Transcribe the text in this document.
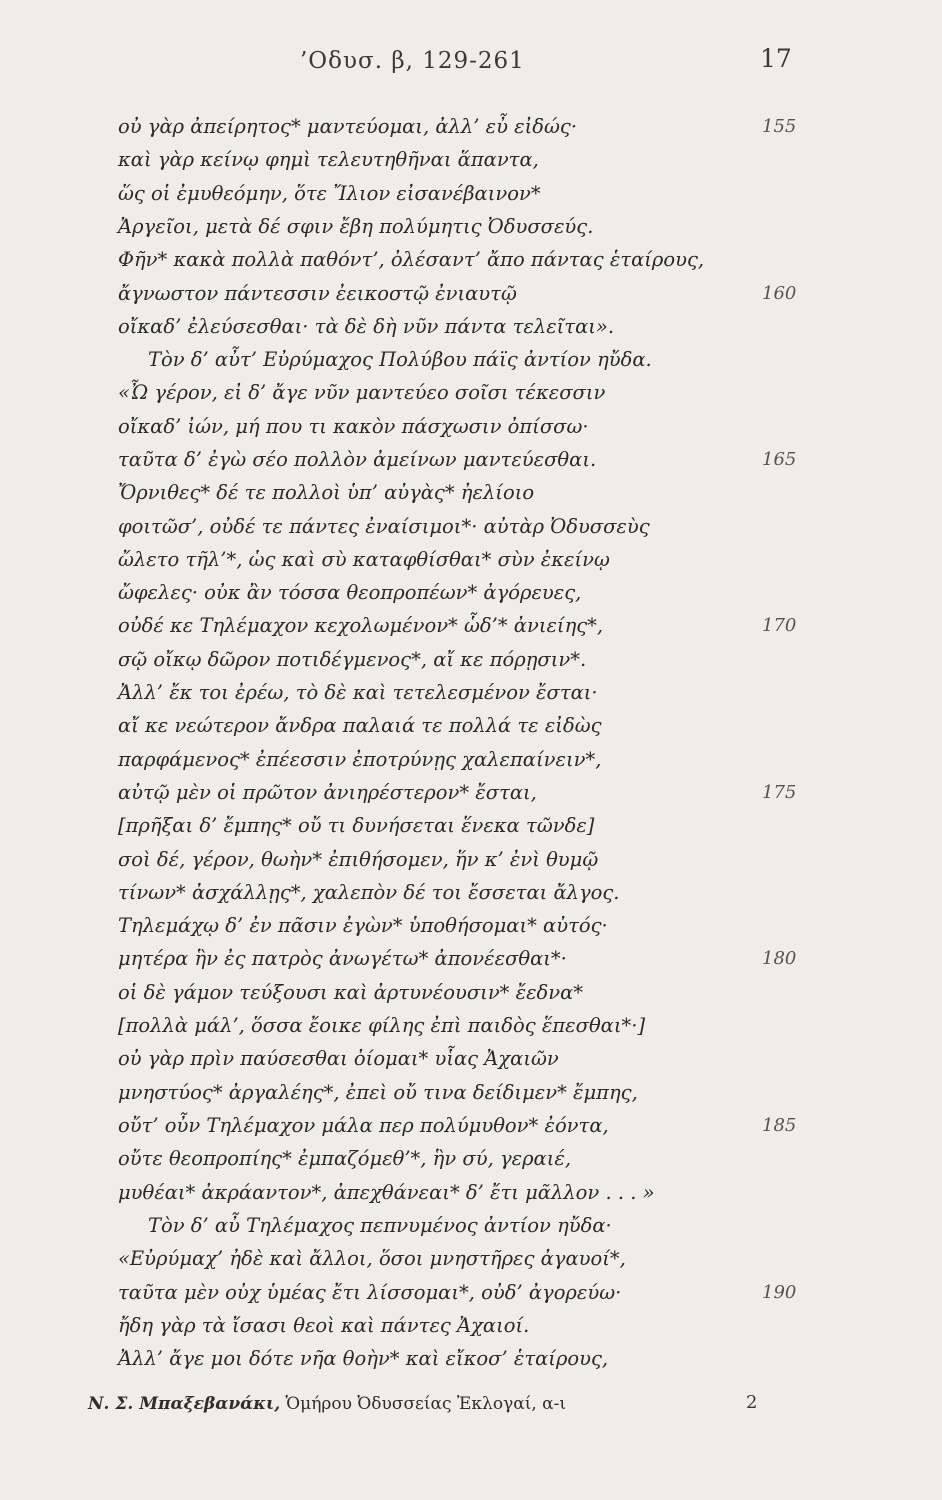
’Οδυσ. β, 129-261	17
οὐ γὰρ ἀπείρητος* μαντεύομαι, ἀλλ’ εὖ εἰδώς·	155
καὶ γὰρ κείνῳ φημὶ τελευτηθῆναι ἅπαντα,
ὥς οἱ ἐμυθεόμην, ὅτε Ἴλιον εἰσανέβαινον*
Ἀργεῖοι, μετὰ δέ σφιν ἔβη πολύμητις Ὀδυσσεύς.
Φῆν* κακὰ πολλὰ παθόντ’, ὀλέσαντ’ ἄπο πάντας ἑταίρους,
ἄγνωστον πάντεσσιν ἐεικοστῷ ἐνιαυτῷ	160
οἴκαδ’ ἐλεύσεσθαι· τὰ δὲ δὴ νῦν πάντα τελεῖται».
Τὸν δ’ αὖτ’ Εὐρύμαχος Πολύβου πάϊς ἀντίον ηὔδα.
«Ὦ γέρον, εἰ δ’ ἄγε νῦν μαντεύεο σοῖσι τέκεσσιν
οἴκαδ’ ἰών, μή που τι κακὸν πάσχωσιν ὀπίσσω·
ταῦτα δ’ ἐγὼ σέο πολλὸν ἀμείνων μαντεύεσθαι.	165
Ὄρνιθες* δέ τε πολλοὶ ὑπ’ αὐγὰς* ἠελίοιο
φοιτῶσ’, οὐδέ τε πάντες ἐναίσιμοι*· αὐτὰρ Ὀδυσσεὺς
ὤλετο τῆλ’*, ὡς καὶ σὺ καταφθίσθαι* σὺν ἐκείνῳ
ὤφελες· οὐκ ἂν τόσσα θεοπροπέων* ἀγόρευες,
οὐδέ κε Τηλέμαχον κεχολωμένον* ὧδ’* ἀνιείης*,	170
σῷ οἴκῳ δῶρον ποτιδέγμενος*, αἴ κε πόρῃσιν*.
Ἀλλ’ ἔκ τοι ἐρέω, τὸ δὲ καὶ τετελεσμένον ἔσται·
αἴ κε νεώτερον ἄνδρα παλαιά τε πολλά τε εἰδὼς
παρφάμενος* ἐπέεσσιν ἐποτρύνῃς χαλεπαίνειν*,
αὐτῷ μὲν οἱ πρῶτον ἀνιηρέστερον* ἔσται,	175
[πρῆξαι δ’ ἔμπης* οὔ τι δυνήσεται ἕνεκα τῶνδε]
σοὶ δέ, γέρον, θωὴν* ἐπιθήσομεν, ἥν κ’ ἐνὶ θυμῷ
τίνων* ἀσχάλλῃς*, χαλεπὸν δέ τοι ἔσσεται ἄλγος.
Τηλεμάχῳ δ’ ἐν πᾶσιν ἐγὼν* ὑποθήσομαι* αὐτός·
μητέρα ἣν ἐς πατρὸς ἀνωγέτω* ἀπονέεσθαι*·	180
οἱ δὲ γάμον τεύξουσι καὶ ἀρτυνέουσιν* ἔεδνα*
[πολλὰ μάλ’, ὅσσα ἔοικε φίλης ἐπὶ παιδὸς ἕπεσθαι*·]
οὐ γὰρ πρὶν παύσεσθαι ὀίομαι* υἷας Ἀχαιῶν
μνηστύος* ἀργαλέης*, ἐπεὶ οὔ τινα δείδιμεν* ἔμπης,
οὔτ’ οὖν Τηλέμαχον μάλα περ πολύμυθον* ἐόντα,	185
οὔτε θεοπροπίης* ἐμπαζόμεθ’*, ἣν σύ, γεραιέ,
μυθέαι* ἀκράαντον*, ἀπεχθάνεαι* δ’ ἔτι μᾶλλον . . . »
Τὸν δ’ αὖ Τηλέμαχος πεπνυμένος ἀντίον ηὔδα·
«Εὐρύμαχ’ ἠδὲ καὶ ἄλλοι, ὅσοι μνηστῆρες ἀγαυοί*,
ταῦτα μὲν οὐχ ὑμέας ἔτι λίσσομαι*, οὐδ’ ἀγορεύω·	190
ἤδη γὰρ τὰ ἴσασι θεοὶ καὶ πάντες Ἀχαιοί.
Ἀλλ’ ἄγε μοι δότε νῆα θοὴν* καὶ εἴκοσ’ ἑταίρους,
Ν. Σ. Μπαξεβανάκι, Ὁμήρου Ὀδυσσείας Ἐκλογαί, α-ι	2
